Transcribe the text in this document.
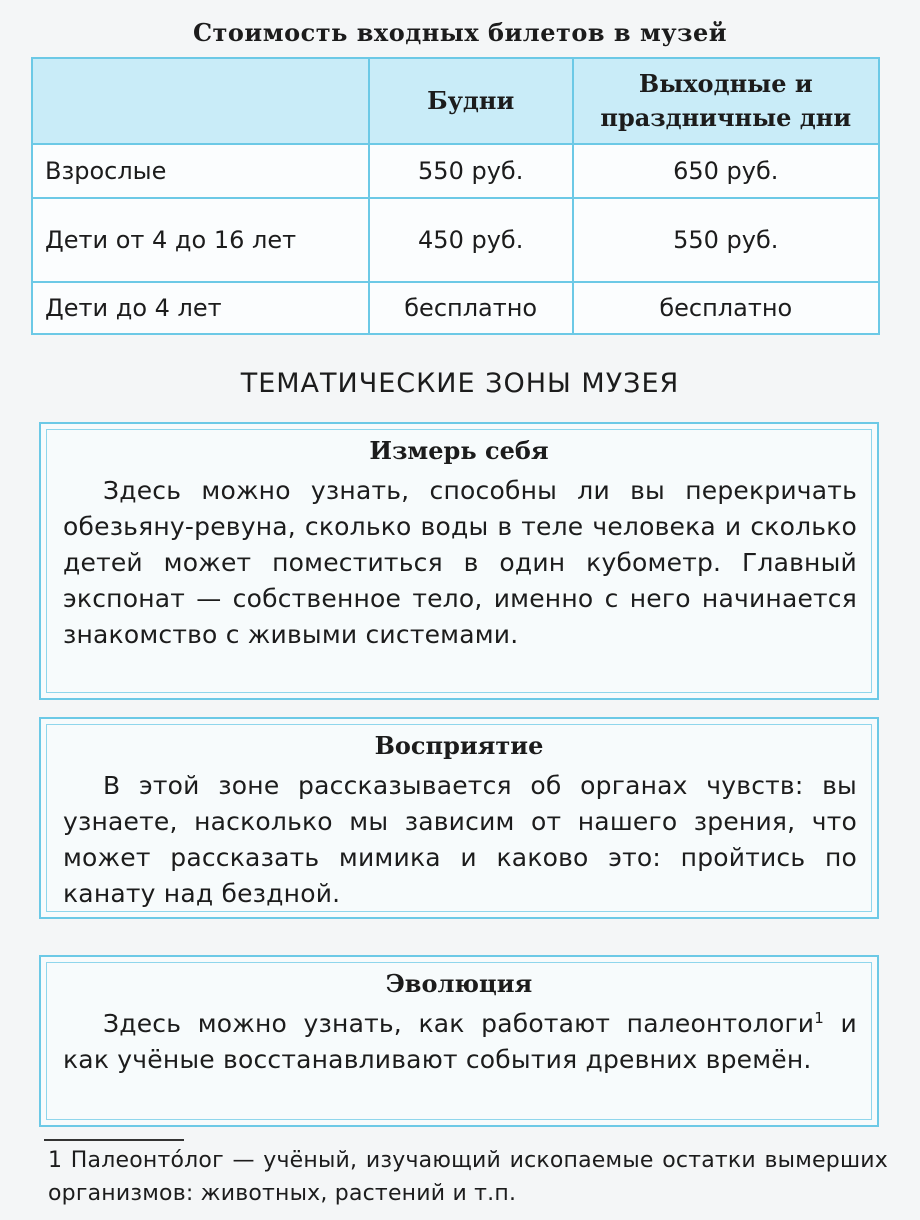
Стоимость входных билетов в музей
	Будни	Выходные и праздничные дни
Взрослые	550 руб.	650 руб.
Дети от 4 до 16 лет	450 руб.	550 руб.
Дети до 4 лет	бесплатно	бесплатно
ТЕМАТИЧЕСКИЕ ЗОНЫ МУЗЕЯ
Измерь себя
Здесь можно узнать, способны ли вы перекричать обезьяну-ревуна, сколько воды в теле человека и сколько детей может поместиться в один кубометр. Главный экспонат — собственное тело, именно с него начинается знакомство с живыми системами.
Восприятие
В этой зоне рассказывается об органах чувств: вы узнаете, насколько мы зависим от нашего зрения, что может рассказать мимика и каково это: пройтись по канату над бездной.
Эволюция
Здесь можно узнать, как работают палеонтологи$^1$ и как учёные восстанавливают события древних времён.
1 Палеонто́лог — учёный, изучающий ископаемые остатки вымерших организмов: животных, растений и т.п.
